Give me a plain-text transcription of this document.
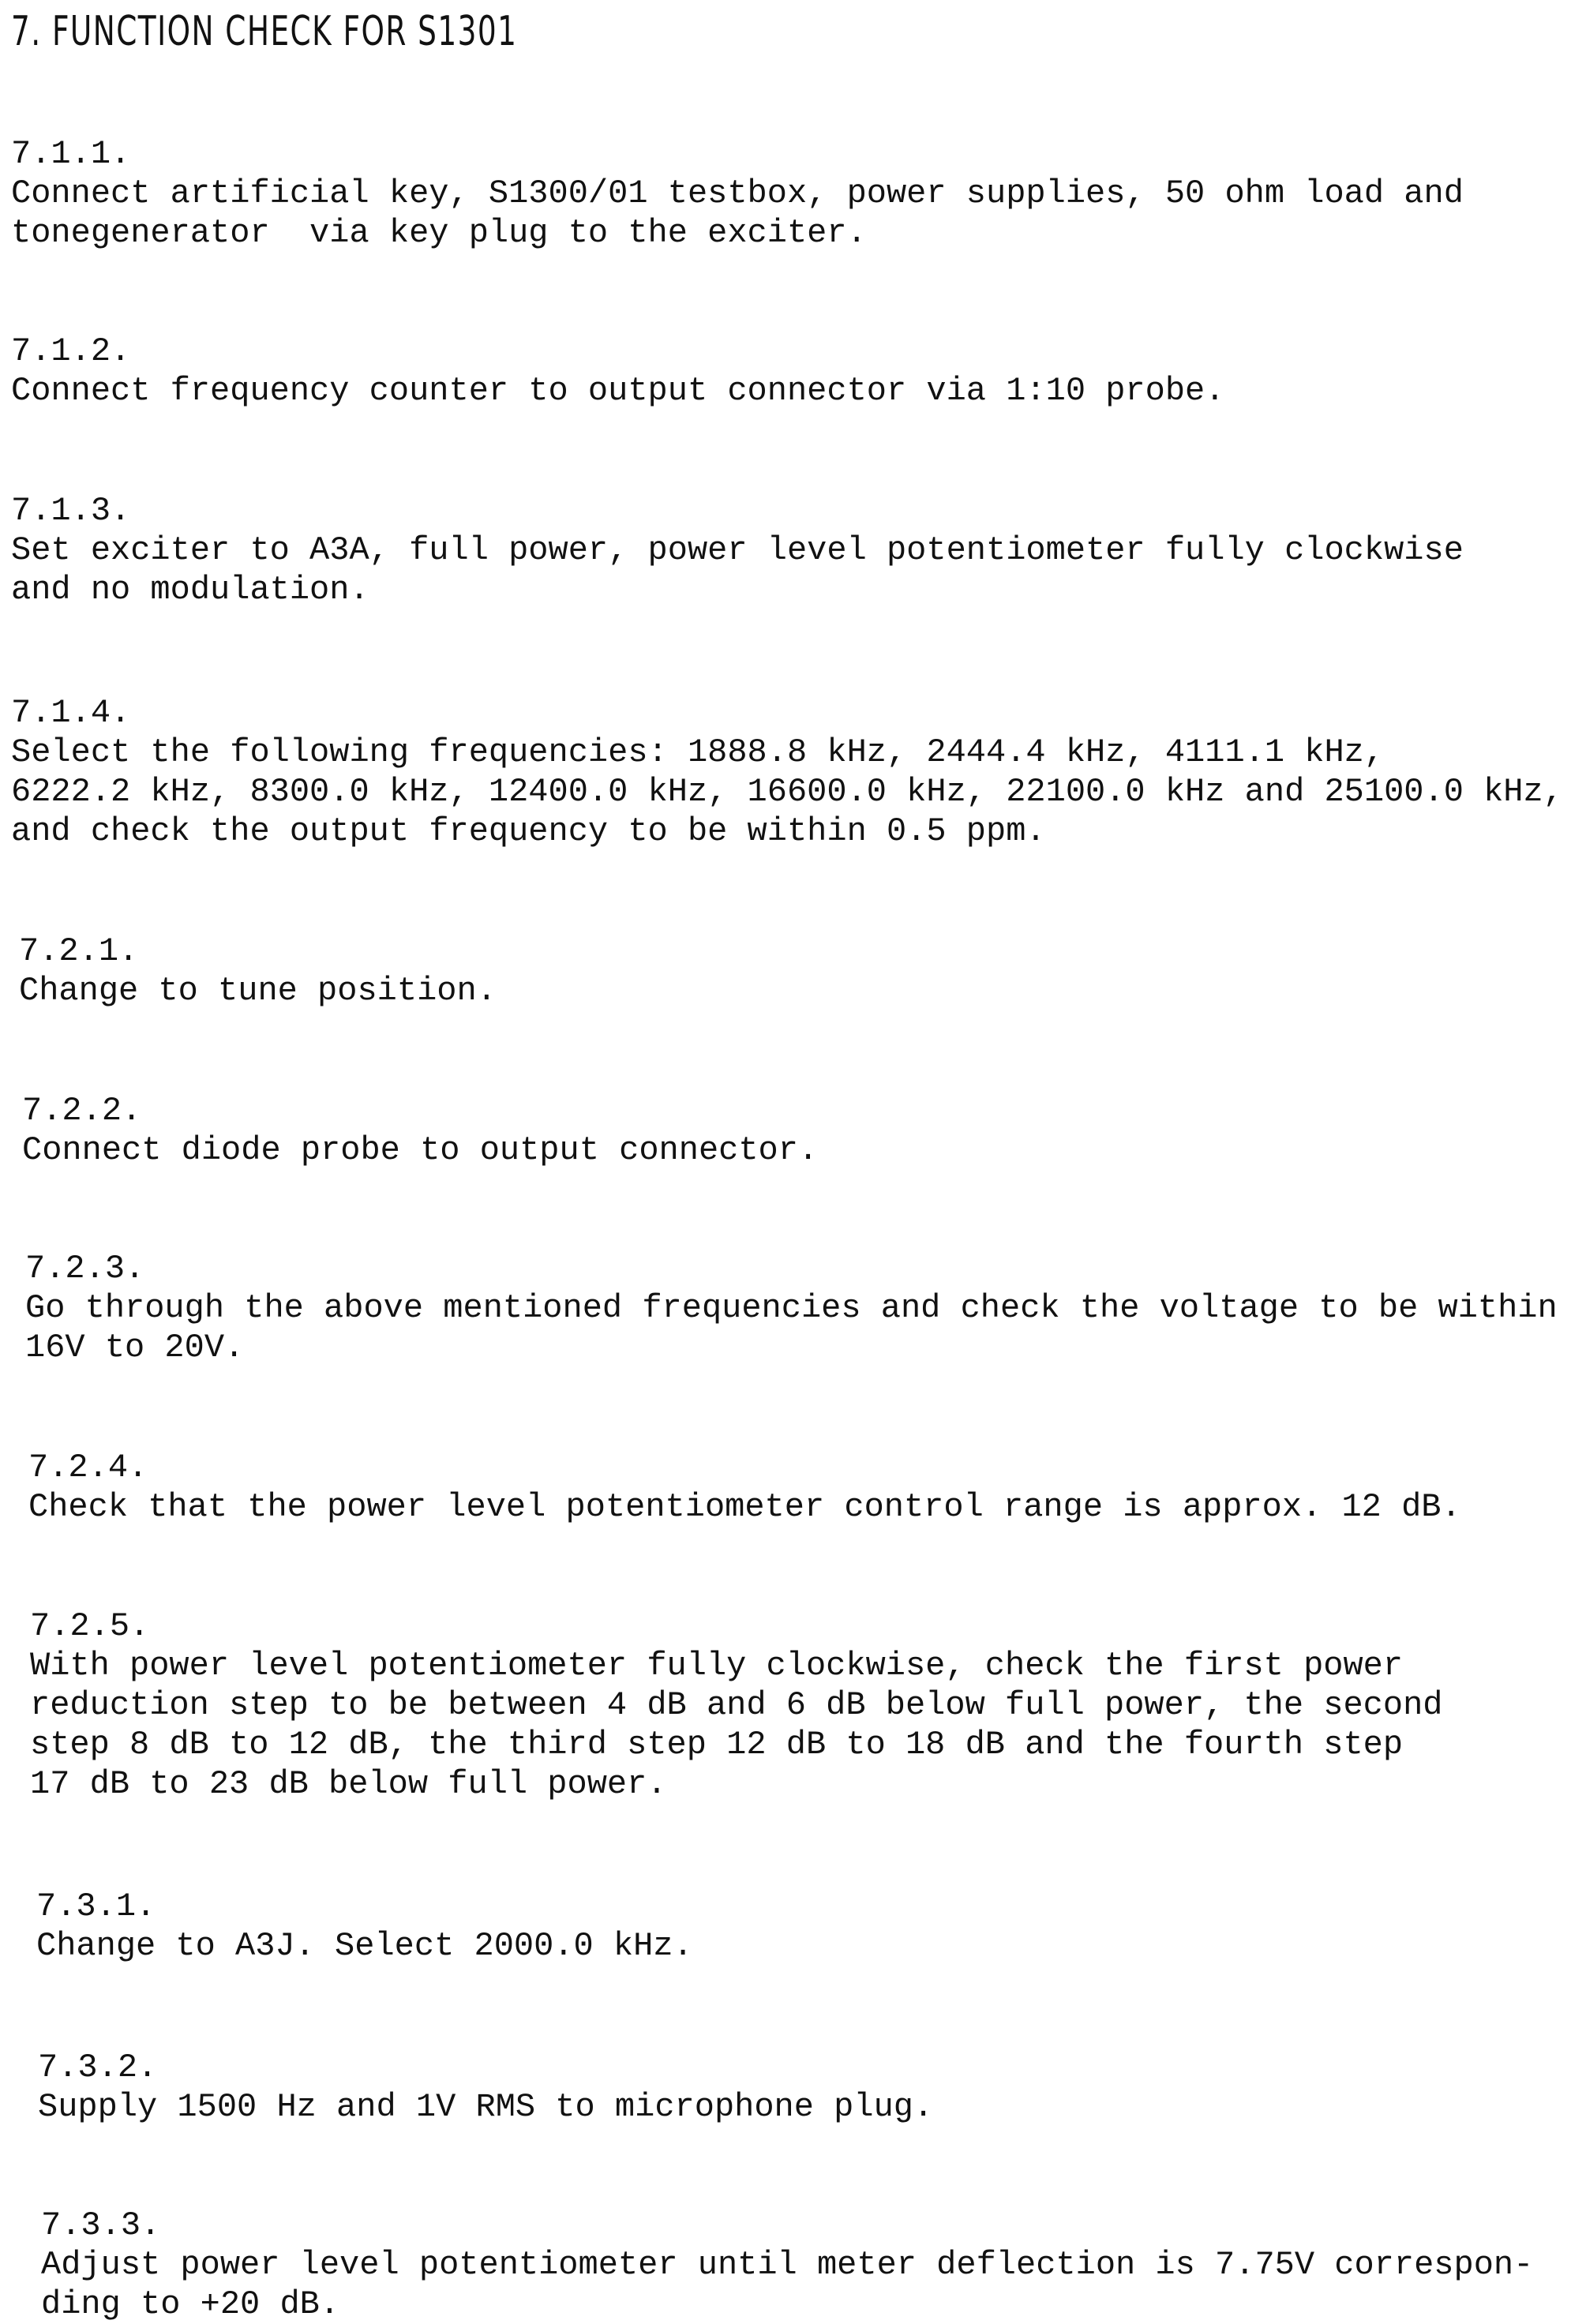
7. FUNCTION CHECK FOR S1301
7.1.1.
Connect artificial key, S1300/01 testbox, power supplies, 50 ohm load and
tonegenerator  via key plug to the exciter.
7.1.2.
Connect frequency counter to output connector via 1:10 probe.
7.1.3.
Set exciter to A3A, full power, power level potentiometer fully clockwise
and no modulation.
7.1.4.
Select the following frequencies: 1888.8 kHz, 2444.4 kHz, 4111.1 kHz,
6222.2 kHz, 8300.0 kHz, 12400.0 kHz, 16600.0 kHz, 22100.0 kHz and 25100.0 kHz,
and check the output frequency to be within 0.5 ppm.
7.2.1.
Change to tune position.
7.2.2.
Connect diode probe to output connector.
7.2.3.
Go through the above mentioned frequencies and check the voltage to be within
16V to 20V.
7.2.4.
Check that the power level potentiometer control range is approx. 12 dB.
7.2.5.
With power level potentiometer fully clockwise, check the first power
reduction step to be between 4 dB and 6 dB below full power, the second
step 8 dB to 12 dB, the third step 12 dB to 18 dB and the fourth step
17 dB to 23 dB below full power.
7.3.1.
Change to A3J. Select 2000.0 kHz.
7.3.2.
Supply 1500 Hz and 1V RMS to microphone plug.
7.3.3.
Adjust power level potentiometer until meter deflection is 7.75V correspon-
ding to +20 dB.
